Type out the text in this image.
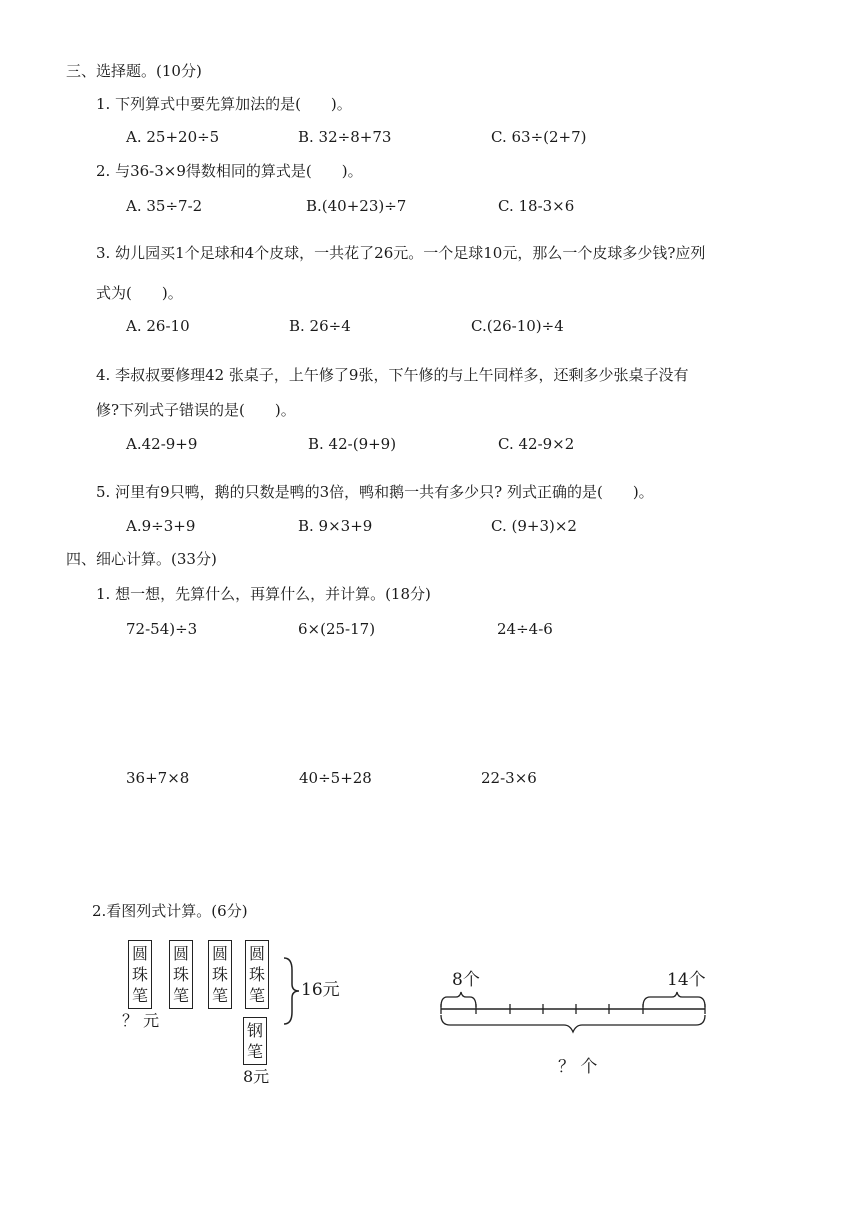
三、选择题。(10分)
1. 下列算式中要先算加法的是(　　)。
A. 25+20÷5	B. 32÷8+73	C. 63÷(2+7)
2. 与36-3×9得数相同的算式是(　　)。
A. 35÷7-2	B.(40+23)÷7	C. 18-3×6
3. 幼儿园买1个足球和4个皮球，一共花了26元。一个足球10元，那么一个皮球多少钱?应列
式为(　　)。
A. 26-10	B. 26÷4	C.(26-10)÷4
4. 李叔叔要修理42 张桌子，上午修了9张，下午修的与上午同样多，还剩多少张桌子没有
修?下列式子错误的是(　　)。
A.42-9+9	B. 42-(9+9)	C. 42-9×2
5. 河里有9只鸭，鹅的只数是鸭的3倍，鸭和鹅一共有多少只? 列式正确的是(　　)。
A.9÷3+9	B. 9×3+9	C. (9+3)×2
四、细心计算。(33分)
1. 想一想，先算什么，再算什么，并计算。(18分)
72-54)÷3	6×(25-17)	24÷4-6
36+7×8	40÷5+28	22-3×6
2.看图列式计算。(6分)
圆
珠
笔
圆
珠
笔
圆
珠
笔
圆
珠
笔
钢
笔
16元
？ 元
8元
8个	14个
？ 个
